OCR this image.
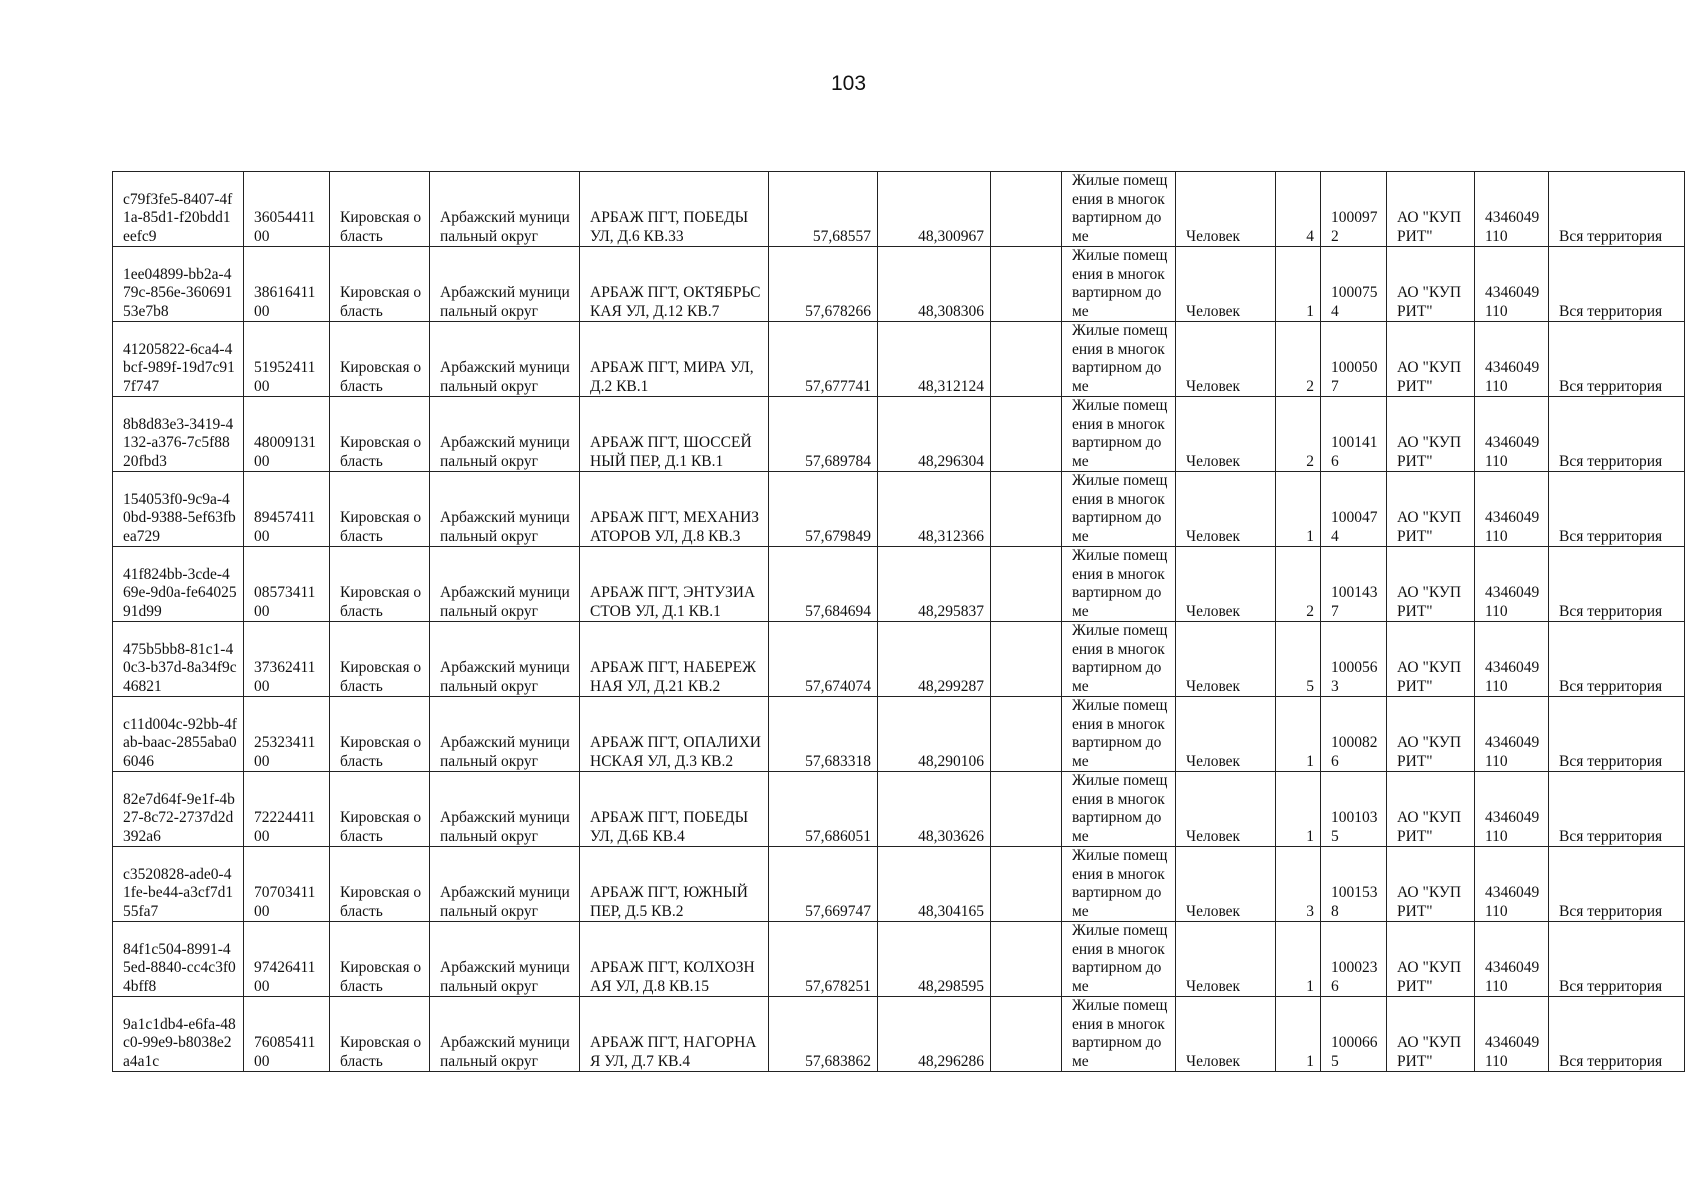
103
c79f3fe5-8407-4f1a-85d1-f20bdd1eefc9	3605441100	Кировская область	Арбажский муниципальный округ	АРБАЖ ПГТ, ПОБЕДЫ УЛ, Д.6 КВ.33	57,68557	48,300967		Жилые помещения в многоквартирном доме	Человек	4	1000972	АО "КУПРИТ"	4346049110	Вся территория
1ee04899-bb2a-479c-856e-36069153e7b8	3861641100	Кировская область	Арбажский муниципальный округ	АРБАЖ ПГТ, ОКТЯБРЬСКАЯ УЛ, Д.12 КВ.7	57,678266	48,308306		Жилые помещения в многоквартирном доме	Человек	1	1000754	АО "КУПРИТ"	4346049110	Вся территория
41205822-6ca4-4bcf-989f-19d7c917f747	5195241100	Кировская область	Арбажский муниципальный округ	АРБАЖ ПГТ, МИРА УЛ, Д.2 КВ.1	57,677741	48,312124		Жилые помещения в многоквартирном доме	Человек	2	1000507	АО "КУПРИТ"	4346049110	Вся территория
8b8d83e3-3419-4132-a376-7c5f8820fbd3	4800913100	Кировская область	Арбажский муниципальный округ	АРБАЖ ПГТ, ШОССЕЙНЫЙ ПЕР, Д.1 КВ.1	57,689784	48,296304		Жилые помещения в многоквартирном доме	Человек	2	1001416	АО "КУПРИТ"	4346049110	Вся территория
154053f0-9c9a-40bd-9388-5ef63fbea729	8945741100	Кировская область	Арбажский муниципальный округ	АРБАЖ ПГТ, МЕХАНИЗАТОРОВ УЛ, Д.8 КВ.3	57,679849	48,312366		Жилые помещения в многоквартирном доме	Человек	1	1000474	АО "КУПРИТ"	4346049110	Вся территория
41f824bb-3cde-469e-9d0a-fe6402591d99	0857341100	Кировская область	Арбажский муниципальный округ	АРБАЖ ПГТ, ЭНТУЗИАСТОВ УЛ, Д.1 КВ.1	57,684694	48,295837		Жилые помещения в многоквартирном доме	Человек	2	1001437	АО "КУПРИТ"	4346049110	Вся территория
475b5bb8-81c1-40c3-b37d-8a34f9c46821	3736241100	Кировская область	Арбажский муниципальный округ	АРБАЖ ПГТ, НАБЕРЕЖНАЯ УЛ, Д.21 КВ.2	57,674074	48,299287		Жилые помещения в многоквартирном доме	Человек	5	1000563	АО "КУПРИТ"	4346049110	Вся территория
c11d004c-92bb-4fab-baac-2855aba06046	2532341100	Кировская область	Арбажский муниципальный округ	АРБАЖ ПГТ, ОПАЛИХИНСКАЯ УЛ, Д.3 КВ.2	57,683318	48,290106		Жилые помещения в многоквартирном доме	Человек	1	1000826	АО "КУПРИТ"	4346049110	Вся территория
82e7d64f-9e1f-4b27-8c72-2737d2d392a6	7222441100	Кировская область	Арбажский муниципальный округ	АРБАЖ ПГТ, ПОБЕДЫ УЛ, Д.6Б КВ.4	57,686051	48,303626		Жилые помещения в многоквартирном доме	Человек	1	1001035	АО "КУПРИТ"	4346049110	Вся территория
c3520828-ade0-41fe-be44-a3cf7d155fa7	7070341100	Кировская область	Арбажский муниципальный округ	АРБАЖ ПГТ, ЮЖНЫЙ ПЕР, Д.5 КВ.2	57,669747	48,304165		Жилые помещения в многоквартирном доме	Человек	3	1001538	АО "КУПРИТ"	4346049110	Вся территория
84f1c504-8991-45ed-8840-cc4c3f04bff8	9742641100	Кировская область	Арбажский муниципальный округ	АРБАЖ ПГТ, КОЛХОЗНАЯ УЛ, Д.8 КВ.15	57,678251	48,298595		Жилые помещения в многоквартирном доме	Человек	1	1000236	АО "КУПРИТ"	4346049110	Вся территория
9a1c1db4-e6fa-48c0-99e9-b8038e2a4a1c	7608541100	Кировская область	Арбажский муниципальный округ	АРБАЖ ПГТ, НАГОРНАЯ УЛ, Д.7 КВ.4	57,683862	48,296286		Жилые помещения в многоквартирном доме	Человек	1	1000665	АО "КУПРИТ"	4346049110	Вся территория
